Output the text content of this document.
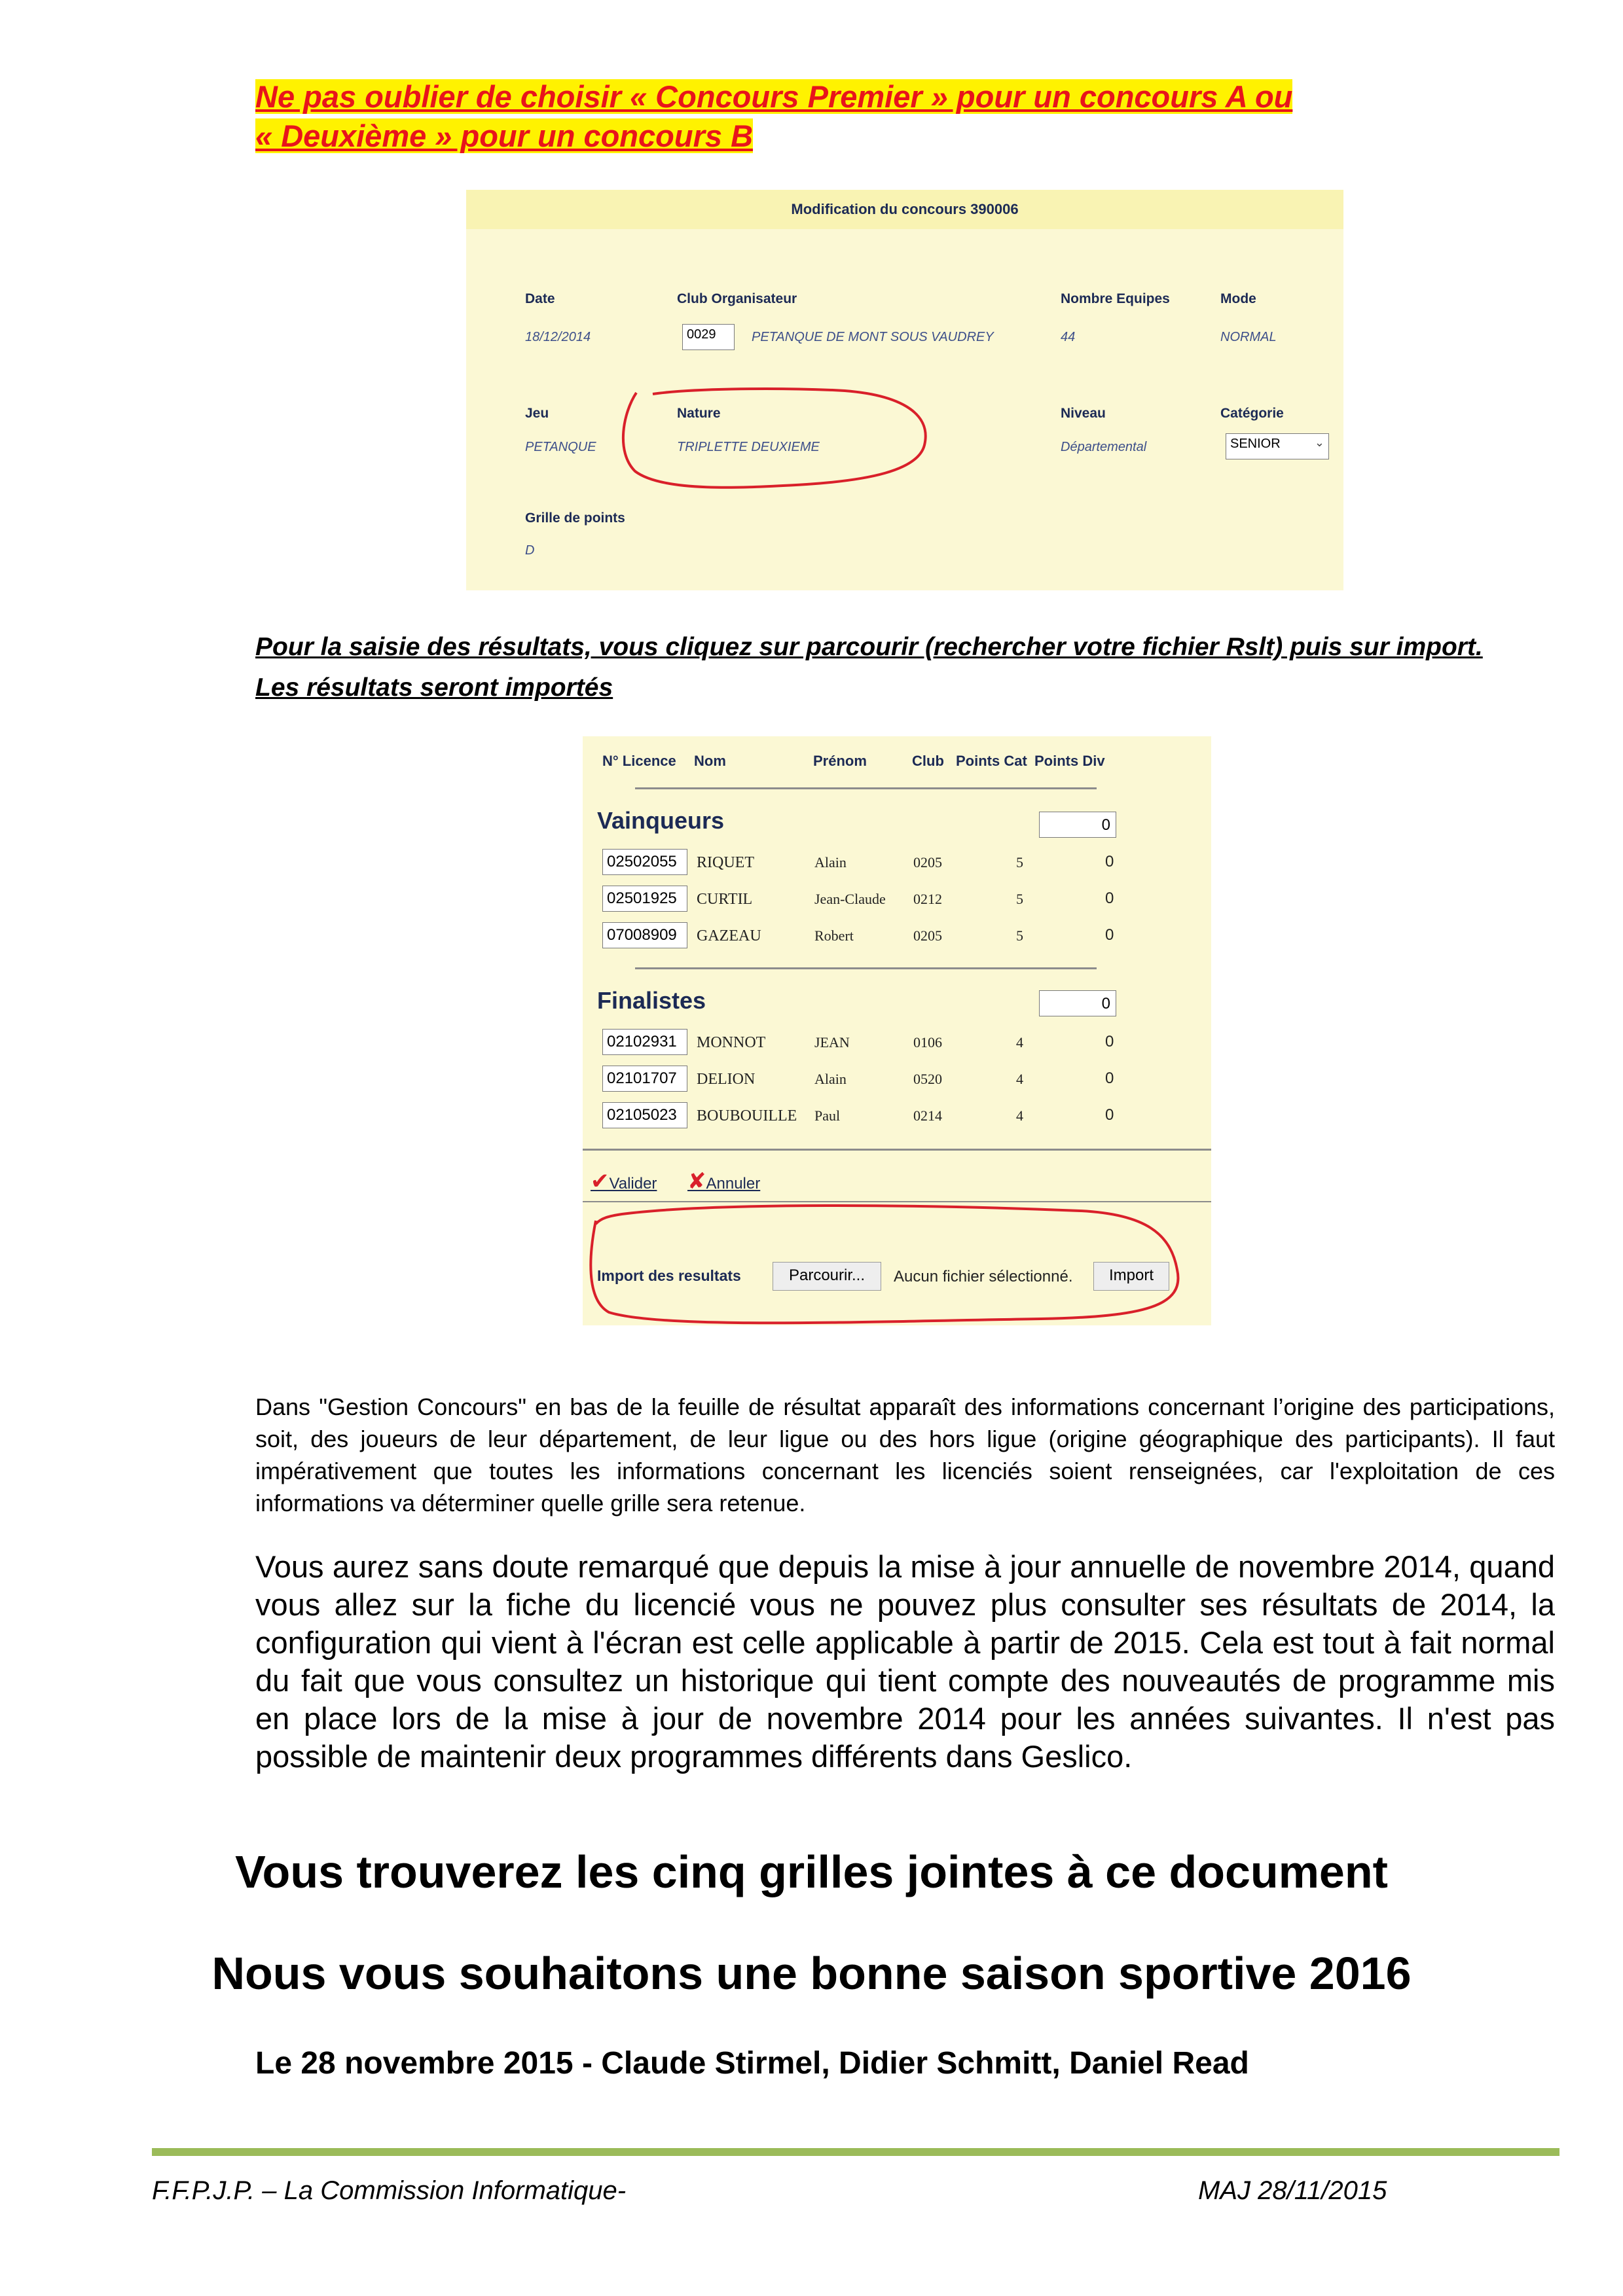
Ne pas oublier de choisir « Concours Premier » pour un concours A ou
« Deuxième » pour un concours B
Modification du concours 390006
Date	Club Organisateur	Nombre Equipes	Mode
18/12/2014	0029	PETANQUE DE MONT SOUS VAUDREY	44	NORMAL
Jeu	Nature	Niveau	Catégorie
PETANQUE	TRIPLETTE DEUXIEME	Départemental	SENIOR	⌄
Grille de points
D
Pour la saisie des résultats, vous cliquez sur parcourir (rechercher votre fichier Rslt) puis sur import.
Les résultats seront importés
N° Licence Nom	Prénom	Club Points Cat Points Div
Vainqueurs	0
02502055	RIQUET	Alain	0205	5	0
02501925	CURTIL	Jean-Claude 0212	5	0
07008909	GAZEAU	Robert	0205	5	0
Finalistes	0
02102931	MONNOT	JEAN	0106	4	0
02101707	DELION	Alain	0520	4	0
02105023	BOUBOUILLE Paul	0214	4	0
✔Valider ✘Annuler
Import des resultats	Parcourir...	Aucun fichier sélectionné.	Import
Dans "Gestion Concours" en bas de la feuille de résultat apparaît des informations concernant l’origine des participations, soit, des joueurs de leur département, de leur ligue ou des hors ligue (origine géographique des participants). Il faut impérativement que toutes les informations concernant les licenciés soient renseignées, car l'exploitation de ces informations va déterminer quelle grille sera retenue.
Vous aurez sans doute remarqué que depuis la mise à jour annuelle de novembre 2014, quand vous allez sur la fiche du licencié vous ne pouvez plus consulter ses résultats de 2014, la configuration qui vient à l'écran est celle applicable à partir de 2015. Cela est tout à fait normal du fait que vous consultez un historique qui tient compte des nouveautés de programme mis en place lors de la mise à jour de novembre 2014 pour les années suivantes. Il n'est pas possible de maintenir deux programmes différents dans Geslico.
Vous trouverez les cinq grilles jointes à ce document
Nous vous souhaitons une bonne saison sportive 2016
Le 28 novembre 2015 - Claude Stirmel, Didier Schmitt, Daniel Read
F.F.P.J.P. – La Commission Informatique-	MAJ 28/11/2015
